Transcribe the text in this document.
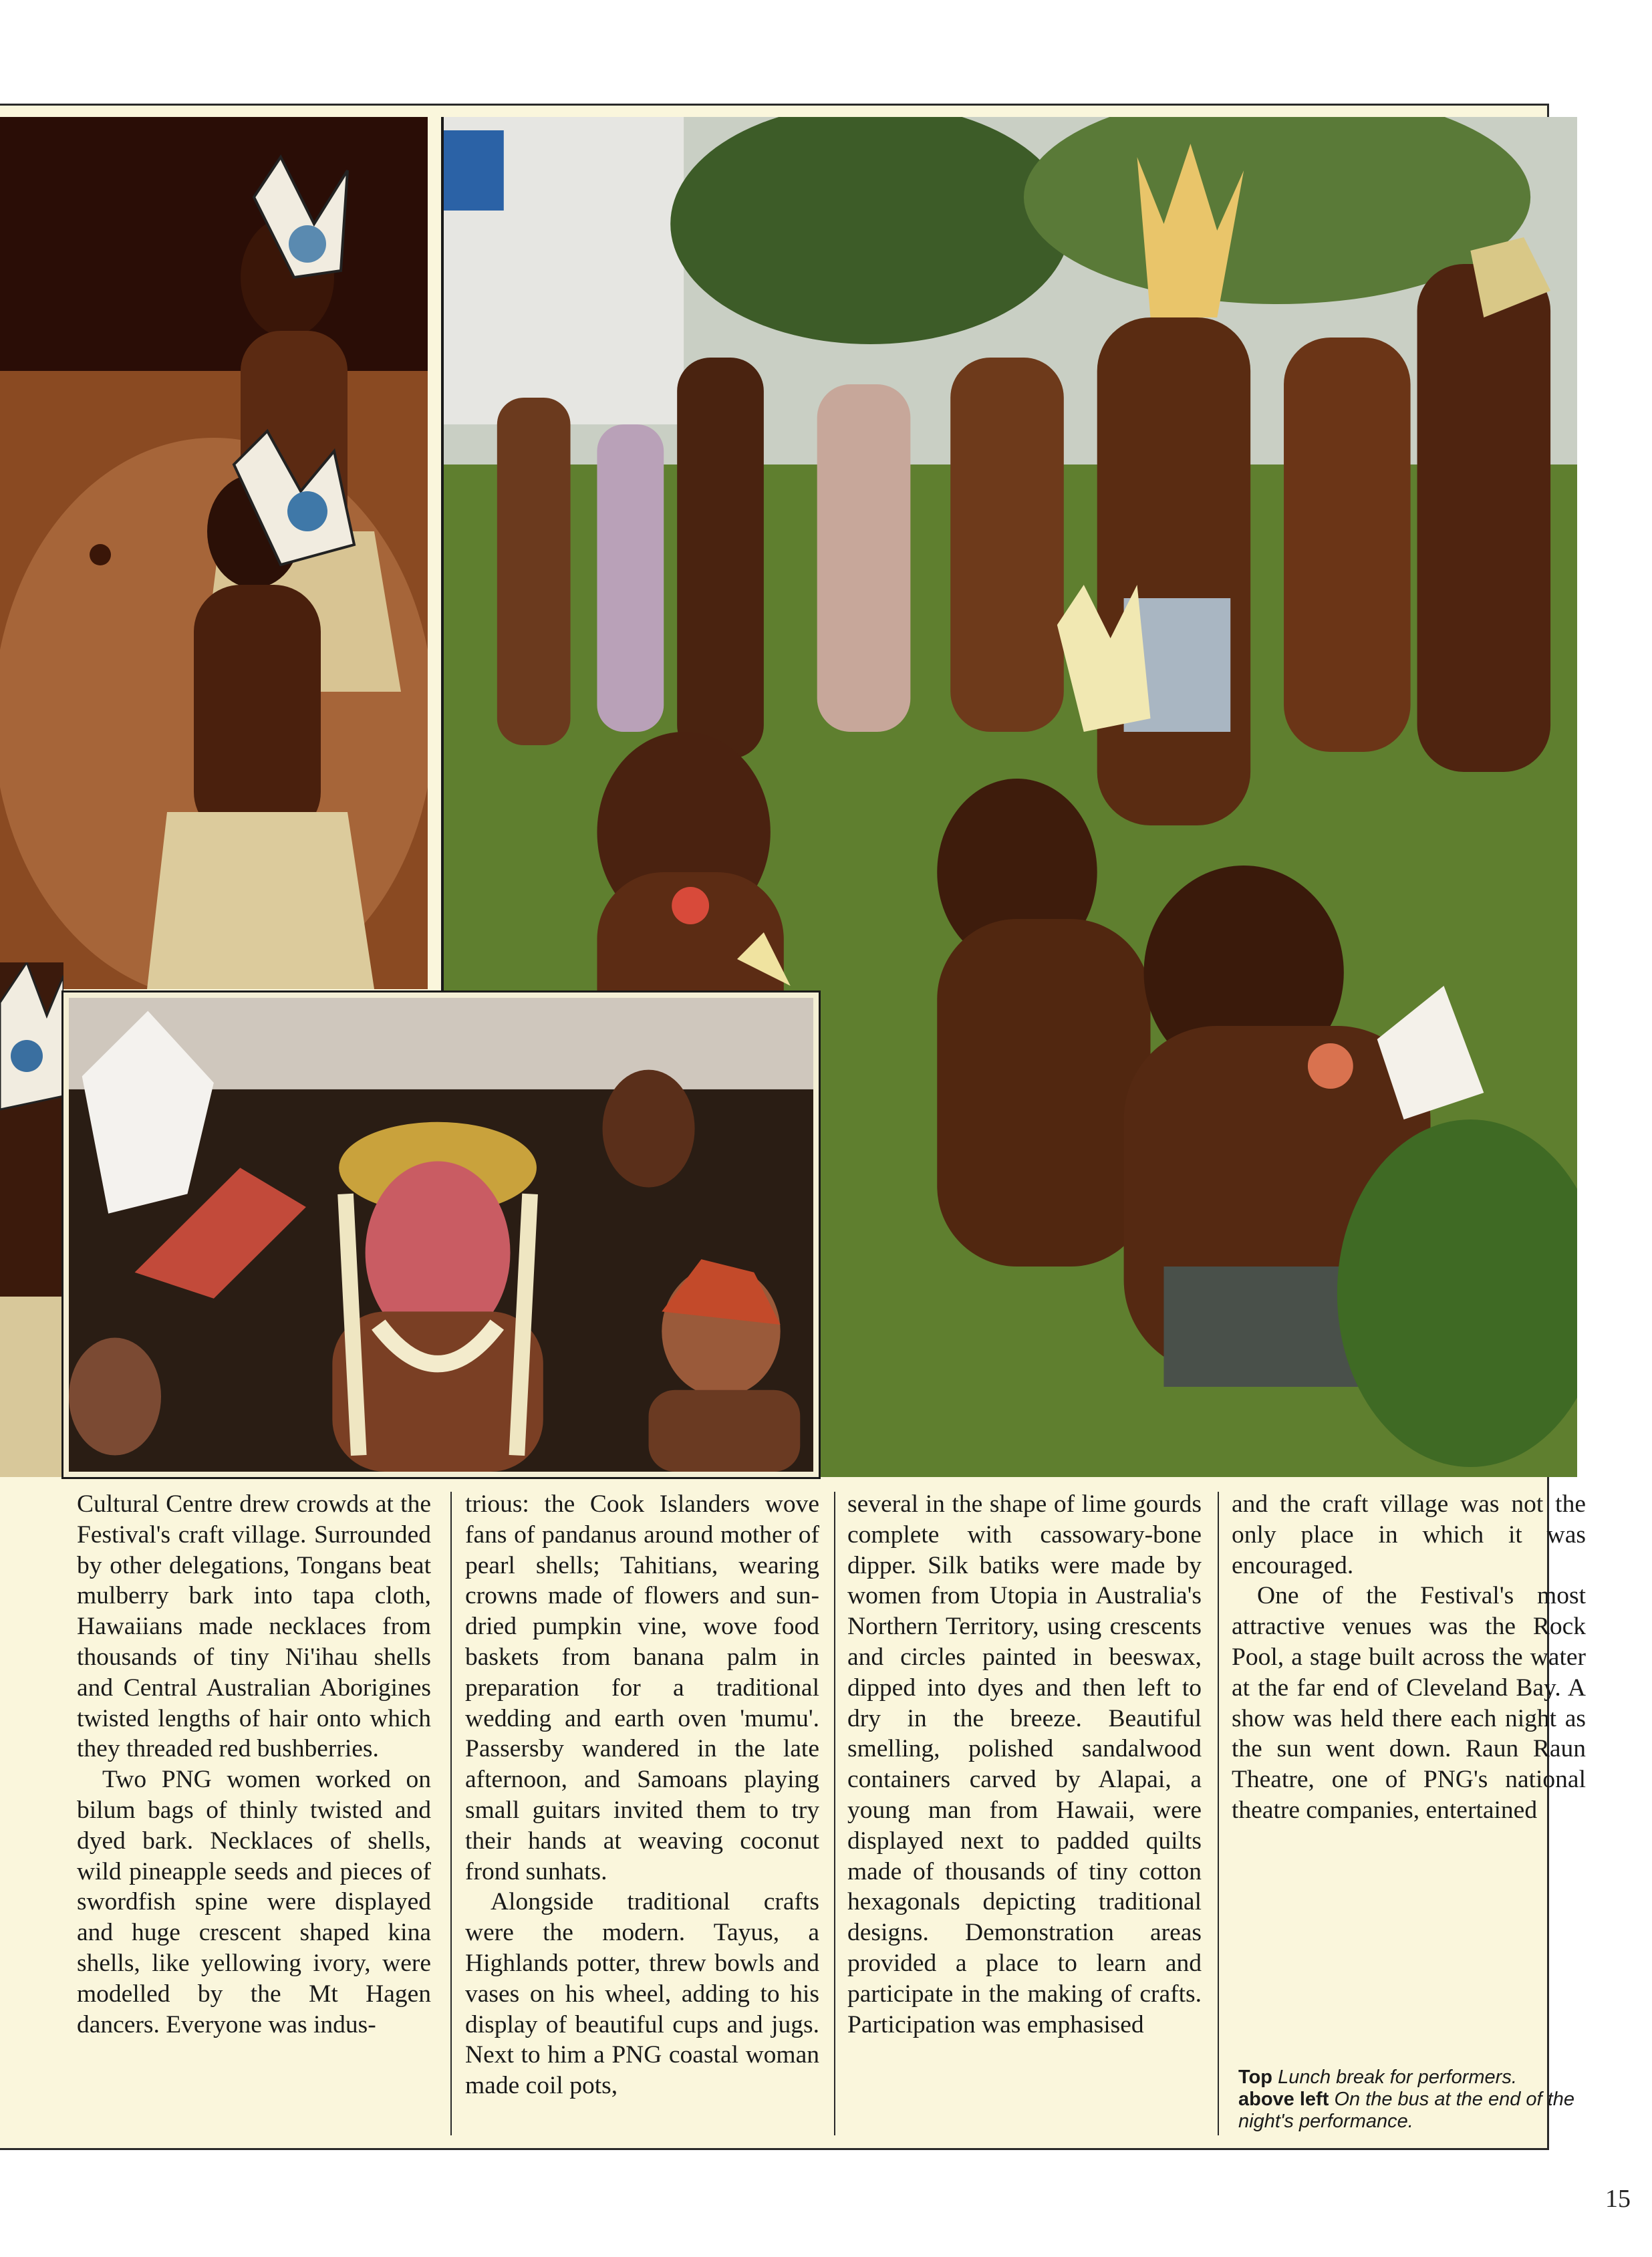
Cultural Centre drew crowds at the Festival's craft village. Surrounded by other delegations, Tongans beat mulberry bark into tapa cloth, Hawaiians made necklaces from thousands of tiny Ni'ihau shells and Central Australian Aborigines twisted lengths of hair onto which they threaded red bushberries.

Two PNG women worked on bilum bags of thinly twisted and dyed bark. Necklaces of shells, wild pineapple seeds and pieces of swordfish spine were displayed and huge crescent shaped kina shells, like yellowing ivory, were modelled by the Mt Hagen dancers. Everyone was indus-

trious: the Cook Islanders wove fans of pandanus around mother of pearl shells; Tahitians, wearing crowns made of flowers and sun-dried pumpkin vine, wove food baskets from banana palm in preparation for a traditional wedding and earth oven 'mumu'. Passersby wandered in the late afternoon, and Samoans playing small guitars invited them to try their hands at weaving coconut frond sunhats.

Alongside traditional crafts were the modern. Tayus, a Highlands potter, threw bowls and vases on his wheel, adding to his display of beautiful cups and jugs. Next to him a PNG coastal woman made coil pots,

several in the shape of lime gourds complete with cassowary-bone dipper. Silk batiks were made by women from Utopia in Australia's Northern Territory, using crescents and circles painted in beeswax, dipped into dyes and then left to dry in the breeze. Beautiful smelling, polished sandalwood containers carved by Alapai, a young man from Hawaii, were displayed next to padded quilts made of thousands of tiny cotton hexagonals depicting traditional designs. Demonstration areas provided a place to learn and participate in the making of crafts. Participation was emphasised

and the craft village was not the only place in which it was encouraged.

One of the Festival's most attractive venues was the Rock Pool, a stage built across the water at the far end of Cleveland Bay. A show was held there each night as the sun went down. Raun Raun Theatre, one of PNG's national theatre companies, entertained

Top Lunch break for performers.
above left On the bus at the end of the night's performance.
15
